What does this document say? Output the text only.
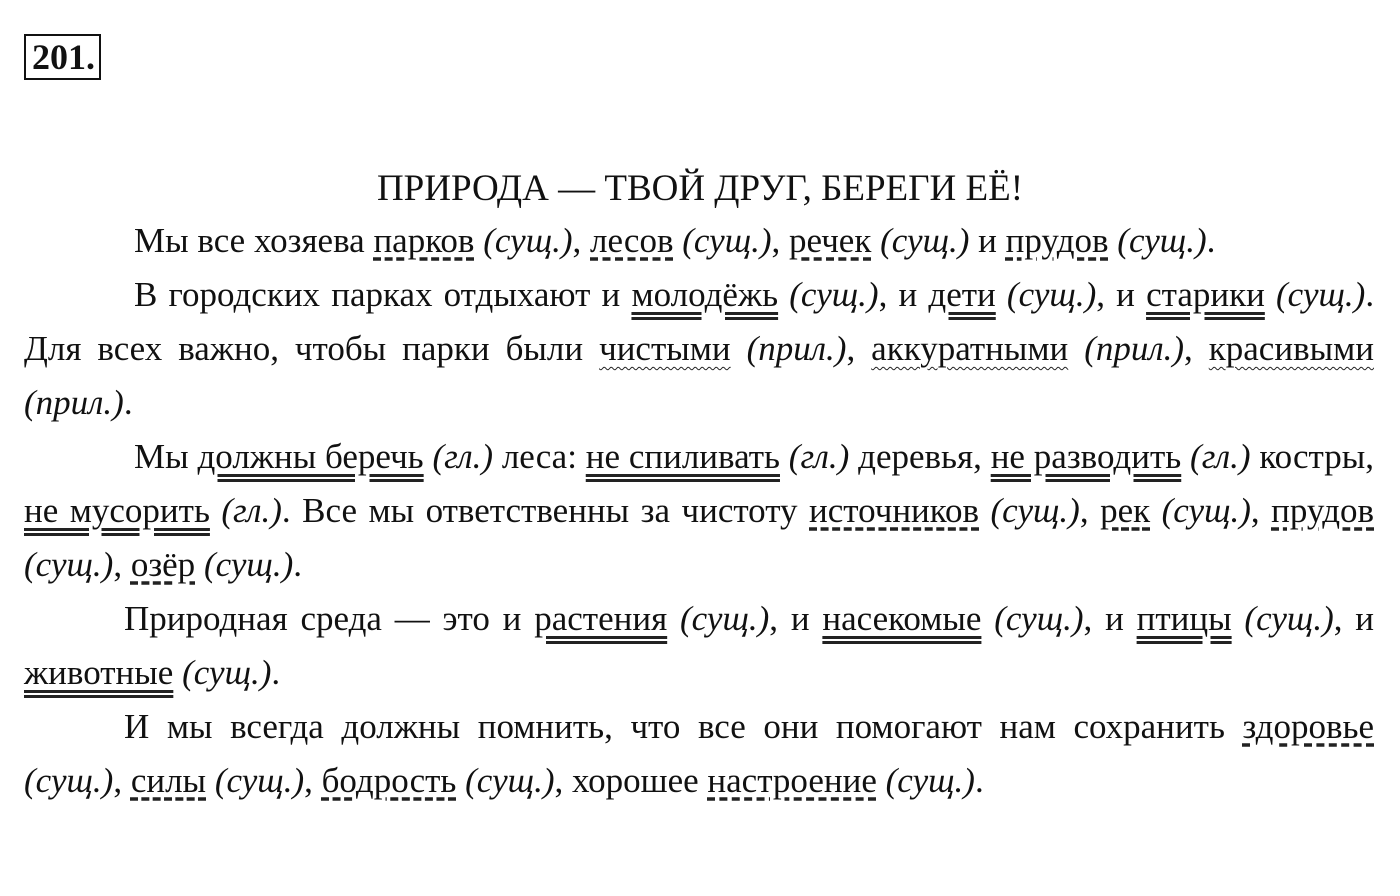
201.
ПРИРОДА — ТВОЙ ДРУГ, БЕРЕГИ ЕЁ!

Мы все хозяева парков (сущ.), лесов (сущ.), речек (сущ.) и прудов (сущ.).

В городских парках отдыхают и молодёжь (сущ.), и дети (сущ.), и старики (сущ.). Для всех важно, чтобы парки были чистыми (прил.), аккуратными (прил.), красивыми (прил.).

Мы должны беречь (гл.) леса: не спиливать (гл.) деревья, не разводить (гл.) костры, не мусорить (гл.). Все мы ответственны за чистоту источников (сущ.), рек (сущ.), прудов (сущ.), озёр (сущ.).

Природная среда — это и растения (сущ.), и насекомые (сущ.), и птицы (сущ.), и животные (сущ.).

И мы всегда должны помнить, что все они помогают нам сохранить здоровье (сущ.), силы (сущ.), бодрость (сущ.), хорошее настроение (сущ.).
